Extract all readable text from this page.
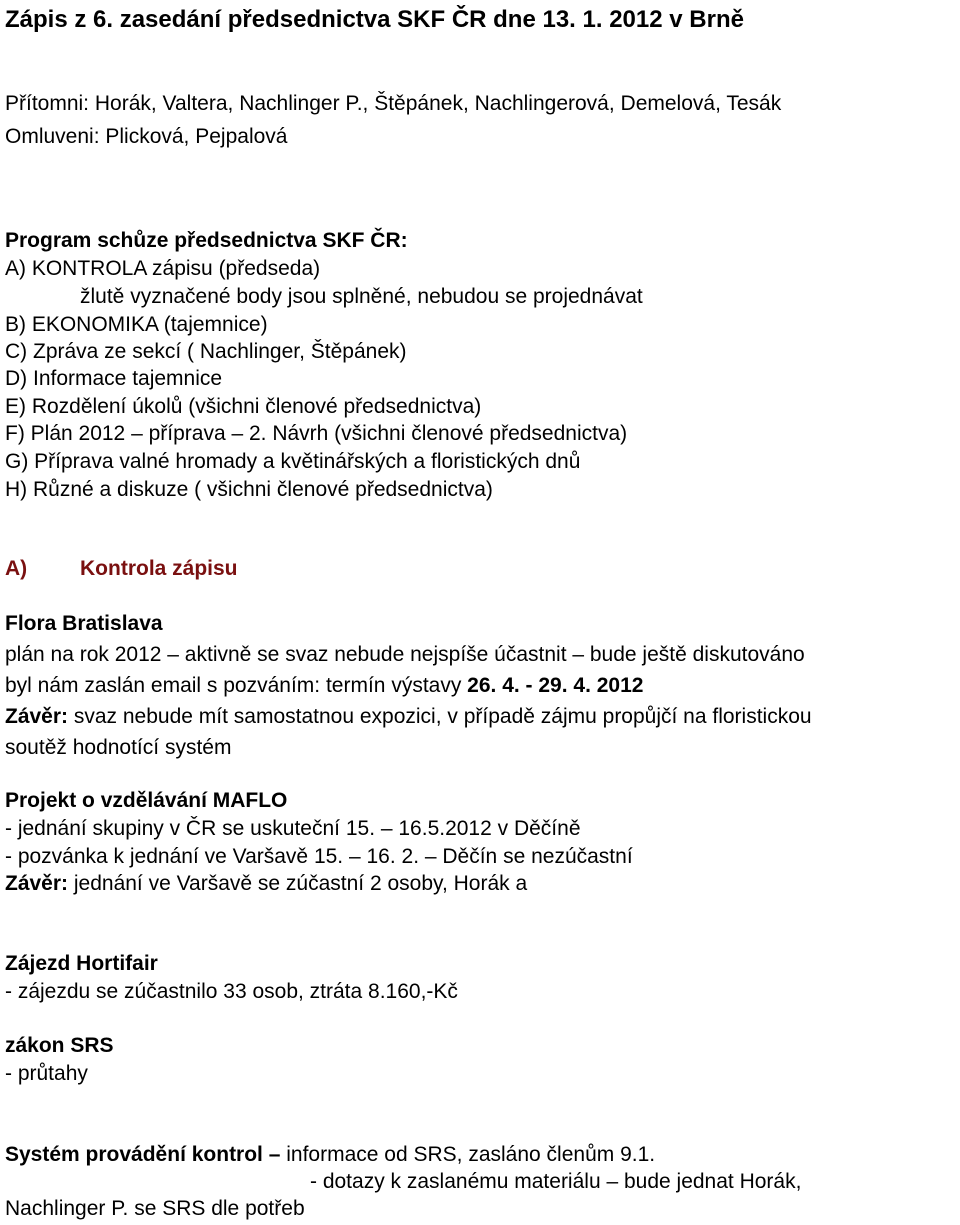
Zápis z 6. zasedání předsednictva SKF ČR dne 13. 1. 2012 v Brně
Přítomni: Horák, Valtera, Nachlinger P., Štěpánek, Nachlingerová, Demelová, Tesák
Omluveni: Plicková, Pejpalová
Program schůze předsednictva SKF ČR:
A) KONTROLA zápisu (předseda)
žlutě vyznačené body jsou splněné, nebudou se projednávat
B) EKONOMIKA (tajemnice)
C) Zpráva ze sekcí ( Nachlinger, Štěpánek)
D) Informace tajemnice
E) Rozdělení úkolů (všichni členové předsednictva)
F) Plán 2012 – příprava – 2. Návrh (všichni členové předsednictva)
G) Příprava valné hromady a květinářských a floristických dnů
H) Různé a diskuze ( všichni členové předsednictva)
A)	Kontrola zápisu
Flora Bratislava
plán na rok 2012 – aktivně se svaz nebude nejspíše účastnit – bude ještě diskutováno
byl nám zaslán email s pozváním: termín výstavy 26. 4. - 29. 4. 2012
Závěr: svaz nebude mít samostatnou expozici, v případě zájmu propůjčí na floristickou
soutěž hodnotící systém
Projekt o vzdělávání MAFLO
- jednání skupiny v ČR se uskuteční 15. – 16.5.2012 v Děčíně
- pozvánka k jednání ve Varšavě 15. – 16. 2. – Děčín se nezúčastní
Závěr: jednání ve Varšavě se zúčastní 2 osoby, Horák a
Zájezd Hortifair
- zájezdu se zúčastnilo 33 osob, ztráta 8.160,-Kč
zákon SRS
- průtahy
Systém provádění kontrol – informace od SRS, zasláno členům 9.1.
- dotazy k zaslanému materiálu – bude jednat Horák,
Nachlinger P. se SRS dle potřeb
